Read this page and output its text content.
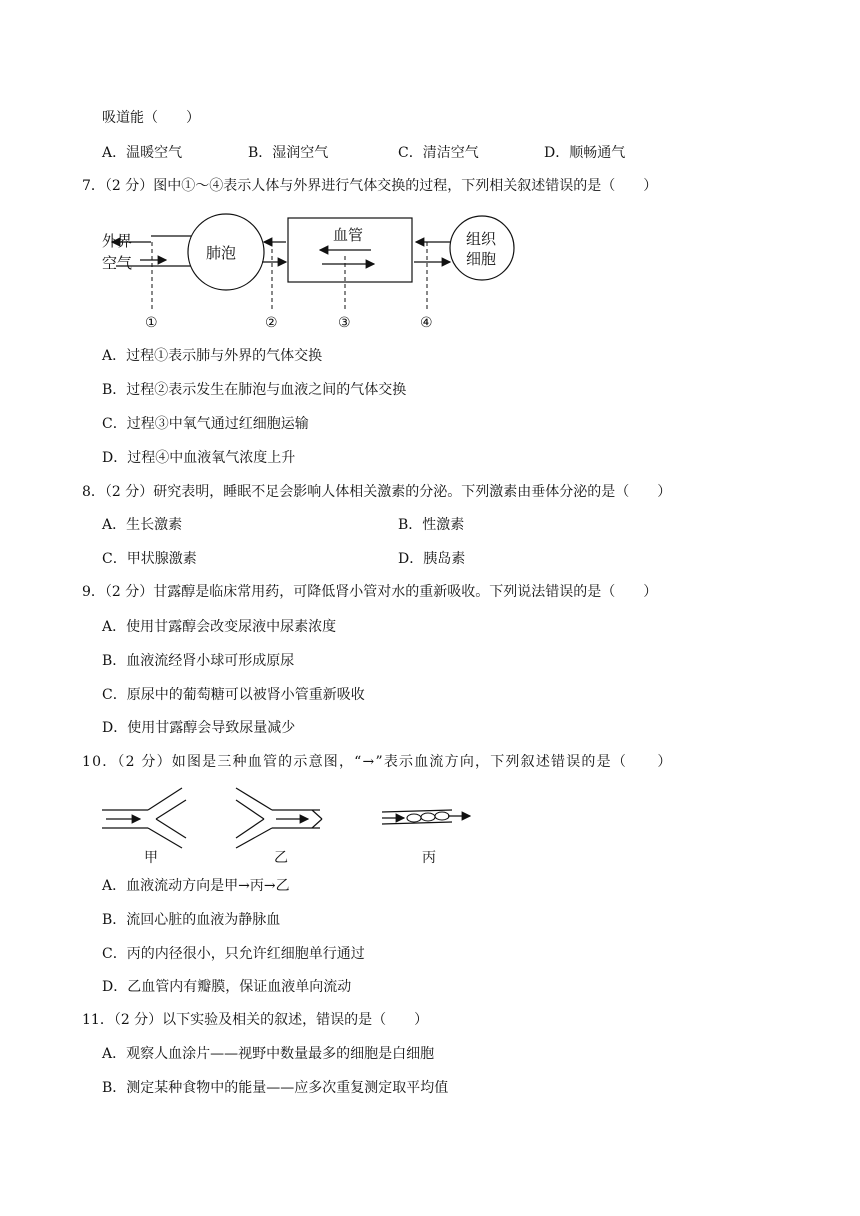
吸道能（　　）
A．温暖空气	B．湿润空气	C．清洁空气	D．顺畅通气
7．（2 分）图中①～④表示人体与外界进行气体交换的过程，下列相关叙述错误的是（　　）
外界
空气
肺泡
血管	组织
细胞
①	②	③	④
A．过程①表示肺与外界的气体交换
B．过程②表示发生在肺泡与血液之间的气体交换
C．过程③中氧气通过红细胞运输
D．过程④中血液氧气浓度上升
8．（2 分）研究表明，睡眠不足会影响人体相关激素的分泌。下列激素由垂体分泌的是（　　）
A．生长激素	B．性激素
C．甲状腺激素	D．胰岛素
9．（2 分）甘露醇是临床常用药，可降低肾小管对水的重新吸收。下列说法错误的是（　　）
A．使用甘露醇会改变尿液中尿素浓度
B．血液流经肾小球可形成原尿
C．原尿中的葡萄糖可以被肾小管重新吸收
D．使用甘露醇会导致尿量减少
10．（2 分）如图是三种血管的示意图，“→”表示血流方向，下列叙述错误的是（　　）
甲	乙	丙
A．血液流动方向是甲→丙→乙
B．流回心脏的血液为静脉血
C．丙的内径很小，只允许红细胞单行通过
D．乙血管内有瓣膜，保证血液单向流动
11．（2 分）以下实验及相关的叙述，错误的是（　　）
A．观察人血涂片——视野中数量最多的细胞是白细胞
B．测定某种食物中的能量——应多次重复测定取平均值
